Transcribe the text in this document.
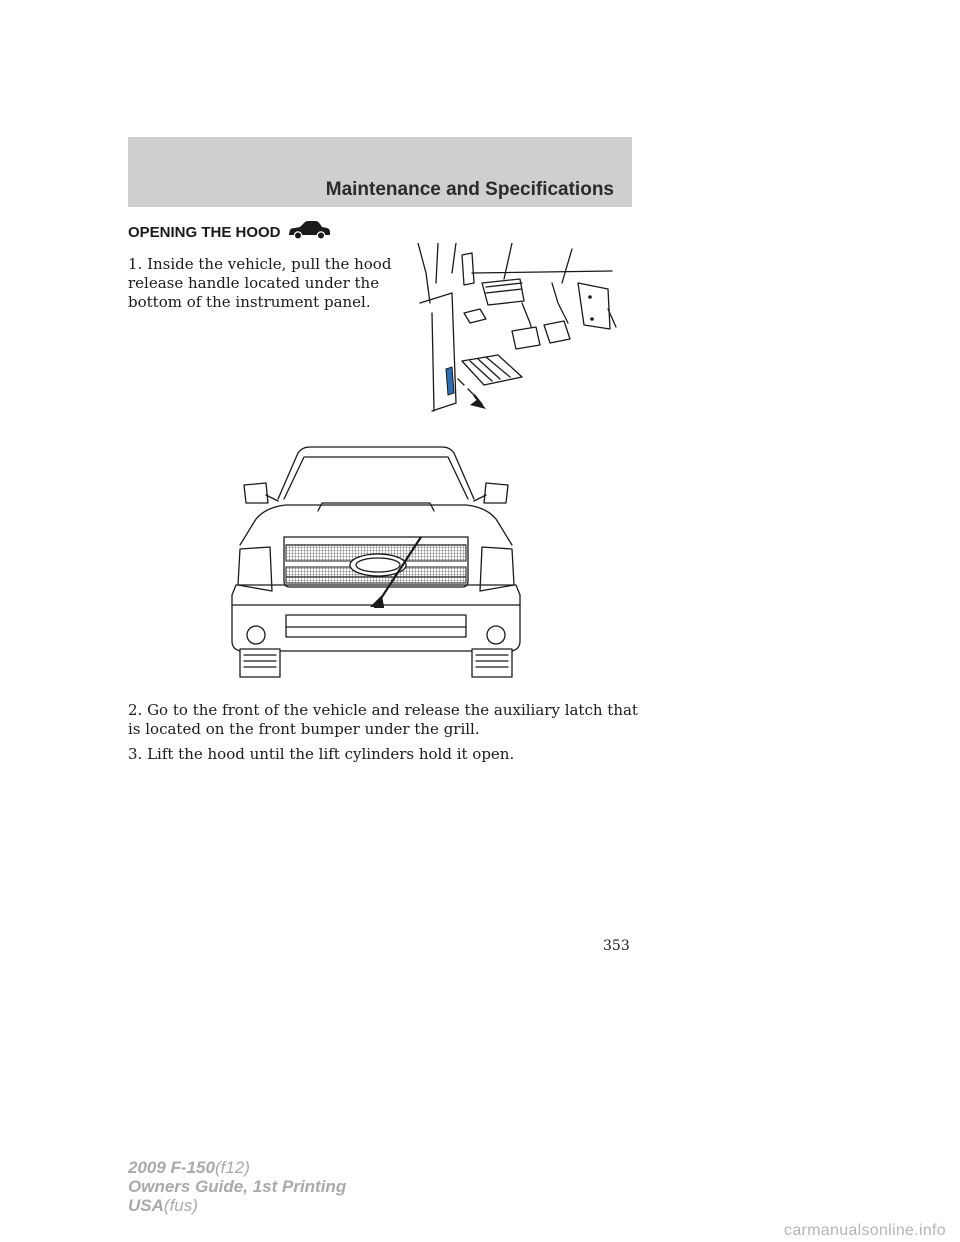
Maintenance and Specifications
OPENING THE HOOD
1. Inside the vehicle, pull the hood release handle located under the bottom of the instrument panel.
2. Go to the front of the vehicle and release the auxiliary latch that is located on the front bumper under the grill.
3. Lift the hood until the lift cylinders hold it open.
353
2009 F-150(f12)
Owners Guide, 1st Printing
USA(fus)
carmanualsonline.info
